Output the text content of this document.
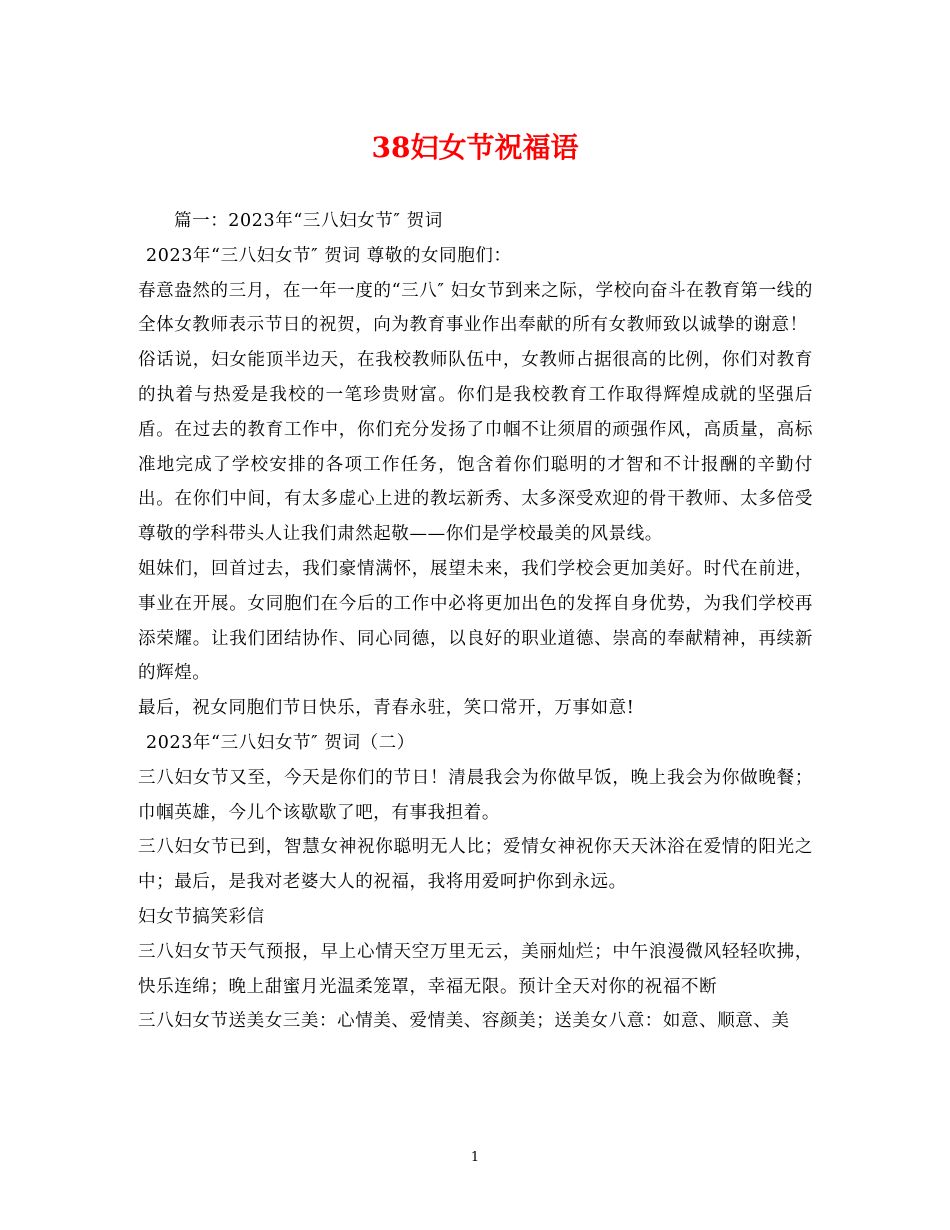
38妇女节祝福语

篇一：2023年“三八妇女节″ 贺词

2023年“三八妇女节″ 贺词 尊敬的女同胞们：

春意盎然的三月，在一年一度的“三八″ 妇女节到来之际，学校向奋斗在教育第一线的全体女教师表示节日的祝贺，向为教育事业作出奉献的所有女教师致以诚挚的谢意！

俗话说，妇女能顶半边天，在我校教师队伍中，女教师占据很高的比例，你们对教育的执着与热爱是我校的一笔珍贵财富。你们是我校教育工作取得辉煌成就的坚强后盾。在过去的教育工作中，你们充分发扬了巾帼不让须眉的顽强作风，高质量，高标准地完成了学校安排的各项工作任务，饱含着你们聪明的才智和不计报酬的辛勤付出。在你们中间，有太多虚心上进的教坛新秀、太多深受欢迎的骨干教师、太多倍受尊敬的学科带头人让我们肃然起敬——你们是学校最美的风景线。

姐妹们，回首过去，我们豪情满怀，展望未来，我们学校会更加美好。时代在前进，事业在开展。女同胞们在今后的工作中必将更加出色的发挥自身优势，为我们学校再添荣耀。让我们团结协作、同心同德，以良好的职业道德、崇高的奉献精神，再续新的辉煌。

最后，祝女同胞们节日快乐，青春永驻，笑口常开，万事如意!

2023年“三八妇女节″ 贺词（二）

三八妇女节又至，今天是你们的节日！清晨我会为你做早饭，晚上我会为你做晚餐；巾帼英雄，今儿个该歇歇了吧，有事我担着。

三八妇女节已到，智慧女神祝你聪明无人比；爱情女神祝你天天沐浴在爱情的阳光之中；最后，是我对老婆大人的祝福，我将用爱呵护你到永远。

妇女节搞笑彩信

三八妇女节天气预报，早上心情天空万里无云，美丽灿烂；中午浪漫微风轻轻吹拂，快乐连绵；晚上甜蜜月光温柔笼罩，幸福无限。预计全天对你的祝福不断

三八妇女节送美女三美：心情美、爱情美、容颜美；送美女八意：如意、顺意、美

1
